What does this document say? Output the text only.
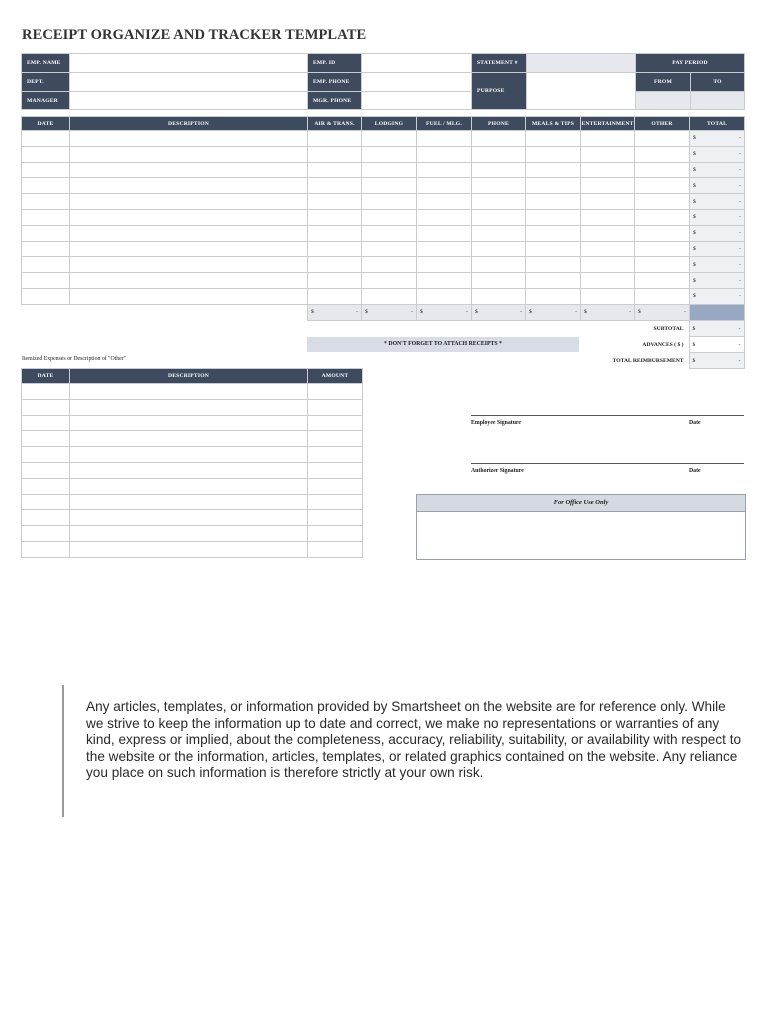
RECEIPT ORGANIZE AND TRACKER TEMPLATE
EMP. NAME		EMP. ID		STATEMENT #		PAY PERIOD	
DEPT.		EMP. PHONE		PURPOSE		FROM	TO
MANAGER		MGR. PHONE					
DATE	DESCRIPTION	AIR & TRANS.	LODGING	FUEL / MLG.	PHONE	MEALS & TIPS	ENTERTAINMENT	OTHER	TOTAL

									$ -

									$ -

									$ -

									$ -

									$ -

									$ -

									$ -

									$ -

									$ -

									$ -

									$ -

		$ -	$ -	$ -	$ -	$ -	$ -	$ -	

SUBTOTAL	$ -

ADVANCES ( $ )	$ -

TOTAL REIMBURSEMENT	$ -
* DON'T FORGET TO ATTACH RECEIPTS *
Itemized Expenses or Description of "Other"
DATE	DESCRIPTION	AMOUNT

Employee Signature	Date
Authorizer Signature	Date
For Office Use Only
Any articles, templates, or information provided by Smartsheet on the website are for reference only. While we strive to keep the information up to date and correct, we make no representations or warranties of any kind, express or implied, about the completeness, accuracy, reliability, suitability, or availability with respect to the website or the information, articles, templates, or related graphics contained on the website. Any reliance you place on such information is therefore strictly at your own risk.
